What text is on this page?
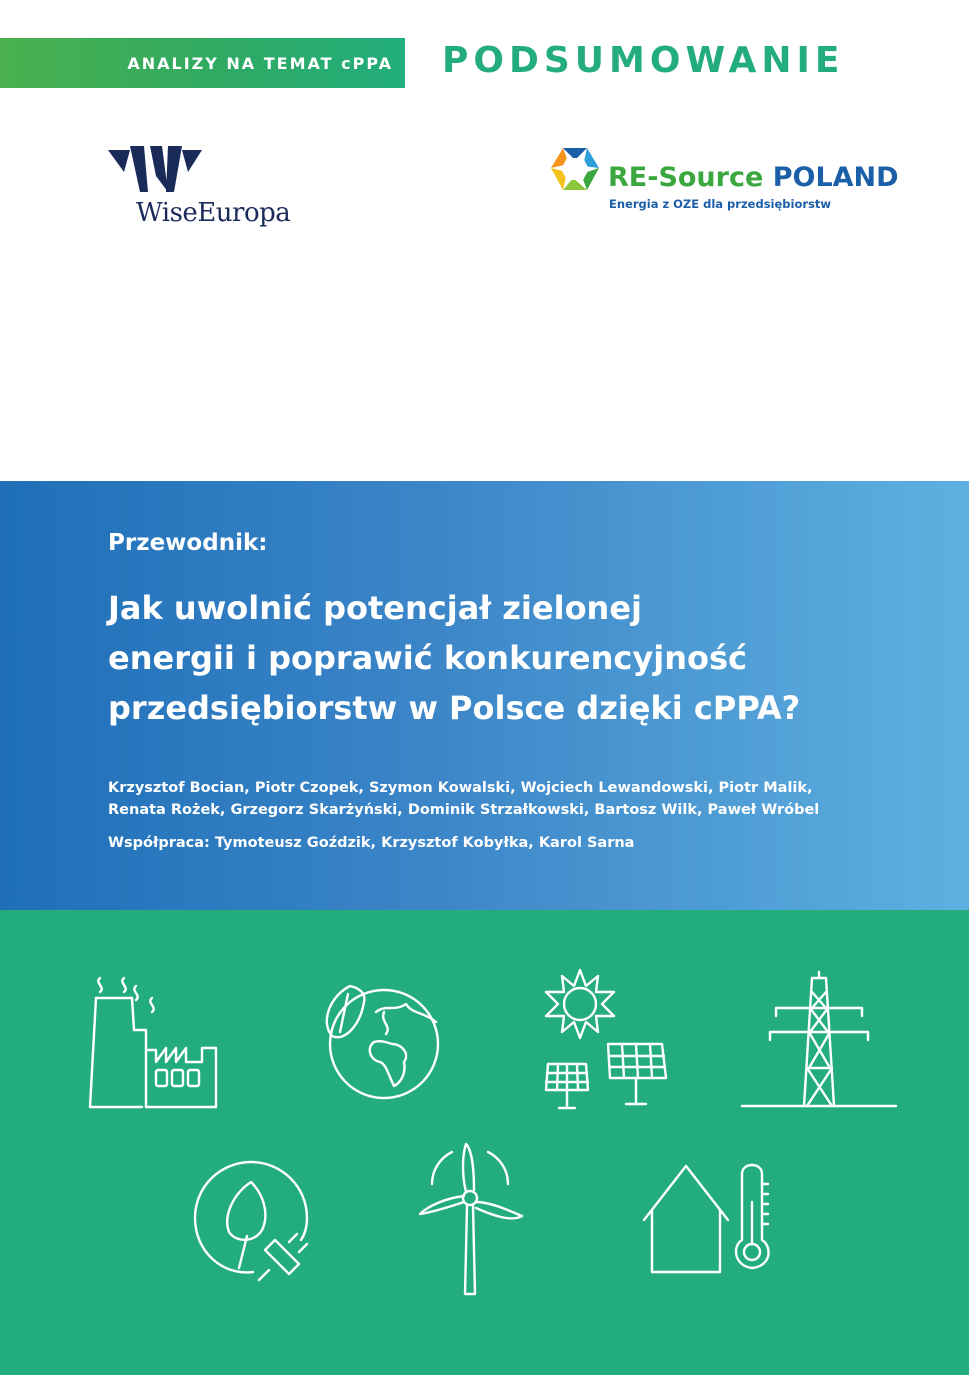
ANALIZY NA TEMAT cPPA PODSUMOWANIE
WiseEuropa
RE-Source POLAND
Energia z OZE dla przedsiębiorstw
Przewodnik:
Jak uwolnić potencjał zielonej
energii i poprawić konkurencyjność
przedsiębiorstw w Polsce dzięki cPPA?
Krzysztof Bocian, Piotr Czopek, Szymon Kowalski, Wojciech Lewandowski, Piotr Malik,
Renata Rożek, Grzegorz Skarżyński, Dominik Strzałkowski, Bartosz Wilk, Paweł Wróbel
Współpraca: Tymoteusz Goździk, Krzysztof Kobyłka, Karol Sarna
